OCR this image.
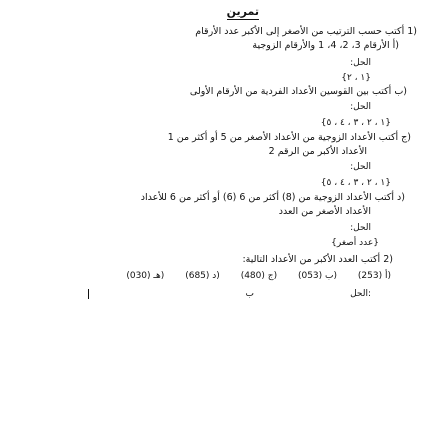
تمرين
(1 أكتب حسب الترتيب من الأصغر إلى الأكبر عدد الأرقام
(أ الأرقام 3، 2، 4، 1 والأرقام الزوجية
الحل:
{١ ، ٢}
(ب أكتب بين القوسين الأعداد الفردية من الأرقام الأولى
الحل:
{١ ، ٢ ، ٣ ، ٤ ، ٥}
(ج أكتب الأعداد الزوجية من الأعداد الأصغر من 5 أو أكثر من 1
الأعداد الأكبر من الرقم 2
الحل:
{١ ، ٢ ، ٣ ، ٤ ، ٥}
(د أكتب الأعداد الزوجية من (8) أكثر من 6 (6) أو أكثر من 6 للأعداد
الأعداد الأصغر من العدد
الحل:
{عدد أصغر}
(2 أكتب العدد الأكبر من الأعداد التالية:
(أ (253) (ب (053) (ج (480) (د (685) (هـ (030)
الحل:
ب
